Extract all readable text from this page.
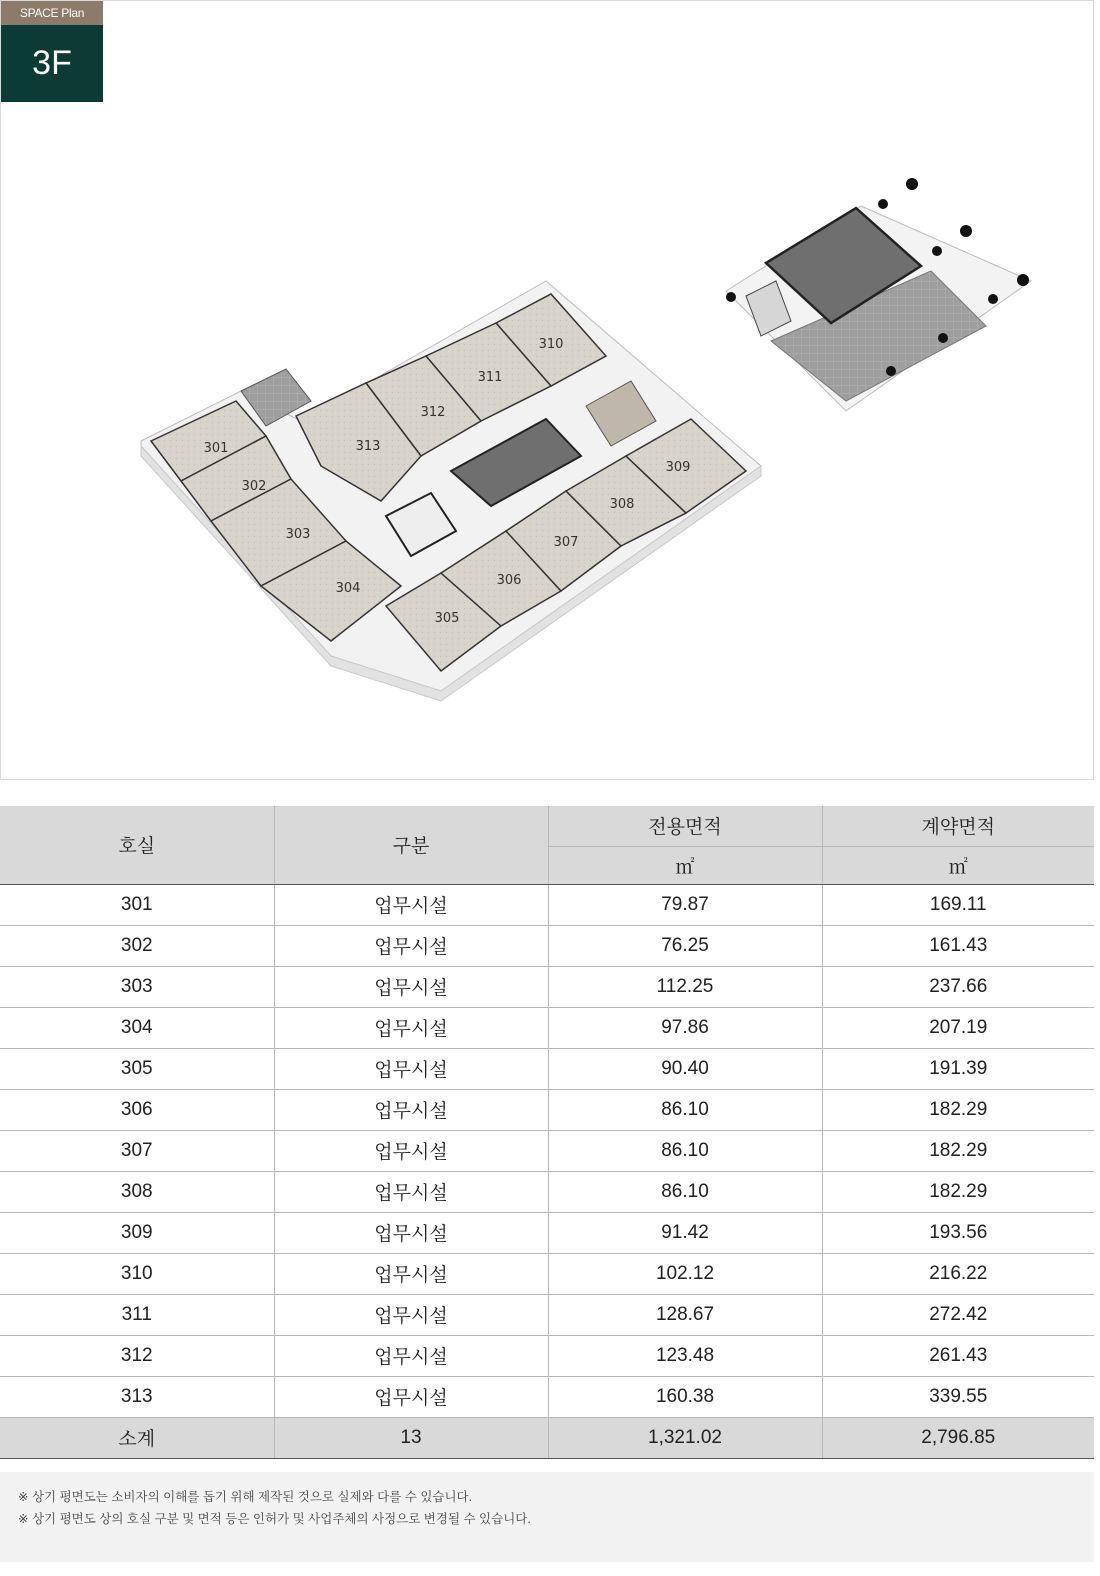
SPACE Plan
3F
301
302
303
304
305
306
307
308
309
310
311
312
313
호실	구분	전용면적	계약면적
		㎡	㎡
301	업무시설	79.87	169.11
302	업무시설	76.25	161.43
303	업무시설	112.25	237.66
304	업무시설	97.86	207.19
305	업무시설	90.40	191.39
306	업무시설	86.10	182.29
307	업무시설	86.10	182.29
308	업무시설	86.10	182.29
309	업무시설	91.42	193.56
310	업무시설	102.12	216.22
311	업무시설	128.67	272.42
312	업무시설	123.48	261.43
313	업무시설	160.38	339.55
소계	13	1,321.02	2,796.85

※ 상기 평면도는 소비자의 이해를 돕기 위해 제작된 것으로 실제와 다를 수 있습니다.

※ 상기 평면도 상의 호실 구분 및 면적 등은 인허가 및 사업주체의 사정으로 변경될 수 있습니다.
